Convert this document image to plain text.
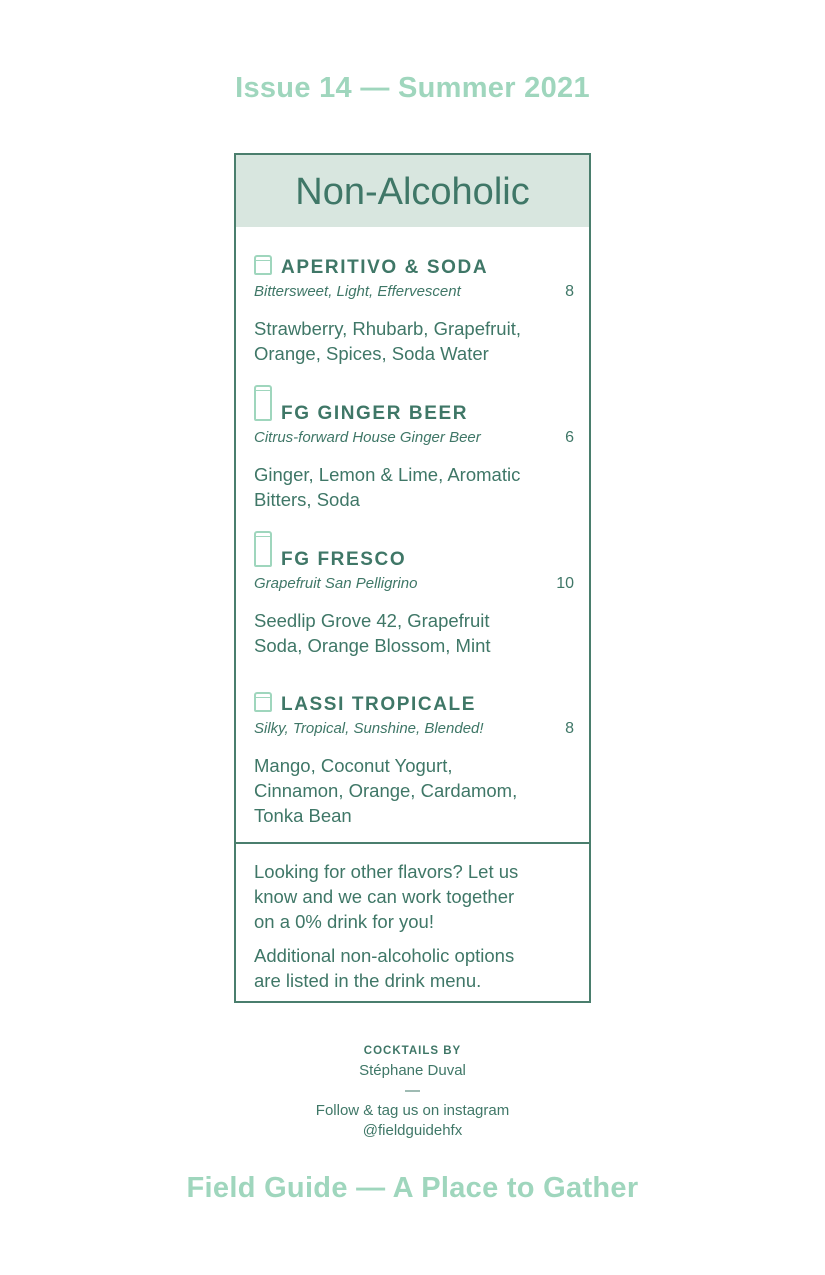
Issue 14 — Summer 2021
Non-Alcoholic
APERITIVO & SODA
Bittersweet, Light, Effervescent	8
Strawberry, Rhubarb, Grapefruit,
Orange, Spices, Soda Water
FG GINGER BEER
Citrus-forward House Ginger Beer	6
Ginger, Lemon & Lime, Aromatic
Bitters, Soda
FG FRESCO
Grapefruit San Pelligrino	10
Seedlip Grove 42, Grapefruit
Soda, Orange Blossom, Mint
LASSI TROPICALE
Silky, Tropical, Sunshine, Blended!	8
Mango, Coconut Yogurt,
Cinnamon, Orange, Cardamom,
Tonka Bean

Looking for other flavors? Let us
know and we can work together
on a 0% drink for you!

Additional non-alcoholic options
are listed in the drink menu.

COCKTAILS BY
Stéphane Duval
—
Follow & tag us on instagram
@fieldguidehfx
Field Guide — A Place to Gather
